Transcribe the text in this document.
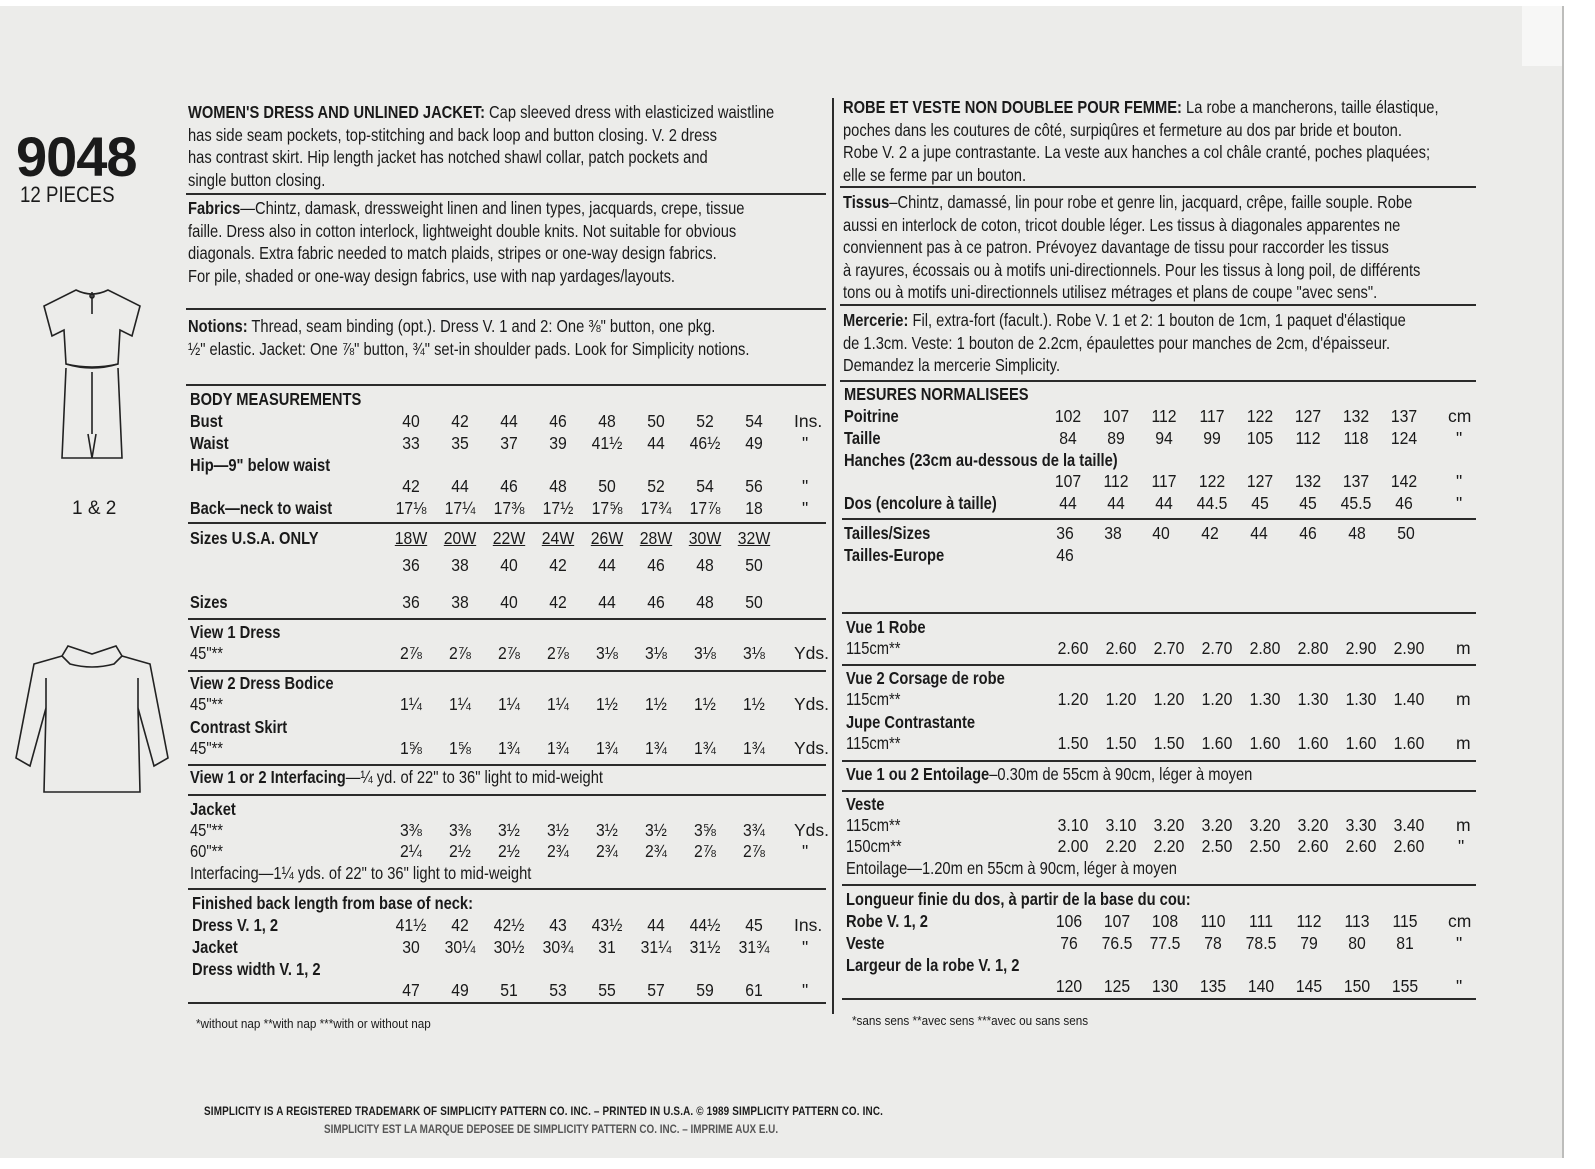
9048
12 PIECES
1 & 2
WOMEN'S DRESS AND UNLINED JACKET: Cap sleeved dress with elasticized waistline
has side seam pockets, top-stitching and back loop and button closing. V. 2 dress
has contrast skirt. Hip length jacket has notched shawl collar, patch pockets and
single button closing.
Fabrics—Chintz, damask, dressweight linen and linen types, jacquards, crepe, tissue
faille. Dress also in cotton interlock, lightweight double knits. Not suitable for obvious
diagonals. Extra fabric needed to match plaids, stripes or one-way design fabrics.
For pile, shaded or one-way design fabrics, use with nap yardages/layouts.
Notions: Thread, seam binding (opt.). Dress V. 1 and 2: One ⅜" button, one pkg.
½" elastic. Jacket: One ⅞" button, ¾" set-in shoulder pads. Look for Simplicity notions.
BODY MEASUREMENTS
Bust	40	42	44	46	48	50	52	54	Ins.
Waist	33	35	37	39	41½	44	46½	49	"
Hip—9" below waist
42	44	46	48	50	52	54	56	"
Back—neck to waist	17⅛	17¼	17⅜	17½	17⅝	17¾	17⅞	18	"
Sizes U.S.A. ONLY	18W 20W 22W 24W 26W 28W 30W 32W
36	38	40	42	44	46	48	50
Sizes	36	38	40	42	44	46	48	50
View 1 Dress
45"**	2⅞	2⅞	2⅞	2⅞	3⅛	3⅛	3⅛	3⅛	Yds.
View 2 Dress Bodice
45"**	1¼	1¼	1¼	1¼	1½	1½	1½	1½	Yds.
Contrast Skirt
45"**	1⅝	1⅝	1¾	1¾	1¾	1¾	1¾	1¾	Yds.
View 1 or 2 Interfacing—¼ yd. of 22" to 36" light to mid-weight
Jacket
45"**	3⅜	3⅜	3½	3½	3½	3½	3⅝	3¾	Yds.
60"**	2¼	2½	2½	2¾	2¾	2¾	2⅞	2⅞	"
Interfacing—1¼ yds. of 22" to 36" light to mid-weight
Finished back length from base of neck:
Dress V. 1, 2	41½	42	42½	43	43½	44	44½	45	Ins.
Jacket	30	30¼	30½	30¾	31	31¼	31½	31¾	"
Dress width V. 1, 2
47	49	51	53	55	57	59	61	"
*without nap **with nap ***with or without nap
ROBE ET VESTE NON DOUBLEE POUR FEMME: La robe a mancherons, taille élastique,
poches dans les coutures de côté, surpiqûres et fermeture au dos par bride et bouton.
Robe V. 2 a jupe contrastante. La veste aux hanches a col châle cranté, poches plaquées;
elle se ferme par un bouton.
Tissus–Chintz, damassé, lin pour robe et genre lin, jacquard, crêpe, faille souple. Robe
aussi en interlock de coton, tricot double léger. Les tissus à diagonales apparentes ne
conviennent pas à ce patron. Prévoyez davantage de tissu pour raccorder les tissus
à rayures, écossais ou à motifs uni-directionnels. Pour les tissus à long poil, de différents
tons ou à motifs uni-directionnels utilisez métrages et plans de coupe "avec sens".
Mercerie: Fil, extra-fort (facult.). Robe V. 1 et 2: 1 bouton de 1cm, 1 paquet d'élastique
de 1.3cm. Veste: 1 bouton de 2.2cm, épaulettes pour manches de 2cm, d'épaisseur.
Demandez la mercerie Simplicity.
MESURES NORMALISEES
Poitrine	102	107	112	117	122	127	132	137	cm
Taille	84	89	94	99	105	112	118	124	"
Hanches (23cm au-dessous de la taille)
107	112	117	122	127	132	137	142	"
Dos (encolure à taille)	44	44	44	44.5	45	45	45.5	46	"
Tailles/Sizes	36	38	40	42	44	46	48	50
Tailles-Europe	46
Vue 1 Robe
115cm**	2.60 2.60 2.70 2.70 2.80 2.80 2.90 2.90	m
Vue 2 Corsage de robe
115cm**	1.20 1.20 1.20 1.20 1.30 1.30 1.30 1.40	m
Jupe Contrastante
115cm**	1.50 1.50 1.50 1.60 1.60 1.60 1.60 1.60	m
Vue 1 ou 2 Entoilage–0.30m de 55cm à 90cm, léger à moyen
Veste
115cm**	3.10 3.10 3.20 3.20 3.20 3.20 3.30 3.40	m
150cm**	2.00 2.20 2.20 2.50 2.50 2.60 2.60 2.60	"
Entoilage—1.20m en 55cm à 90cm, léger à moyen
Longueur finie du dos, à partir de la base du cou:
Robe V. 1, 2	106	107	108	110	111	112	113	115	cm
Veste	76	76.5 77.5	78	78.5	79	80	81	"
Largeur de la robe V. 1, 2
120	125	130	135	140	145	150	155	"
*sans sens **avec sens ***avec ou sans sens
SIMPLICITY IS A REGISTERED TRADEMARK OF SIMPLICITY PATTERN CO. INC. – PRINTED IN U.S.A. © 1989 SIMPLICITY PATTERN CO. INC.
SIMPLICITY EST LA MARQUE DEPOSEE DE SIMPLICITY PATTERN CO. INC. – IMPRIME AUX E.U.
